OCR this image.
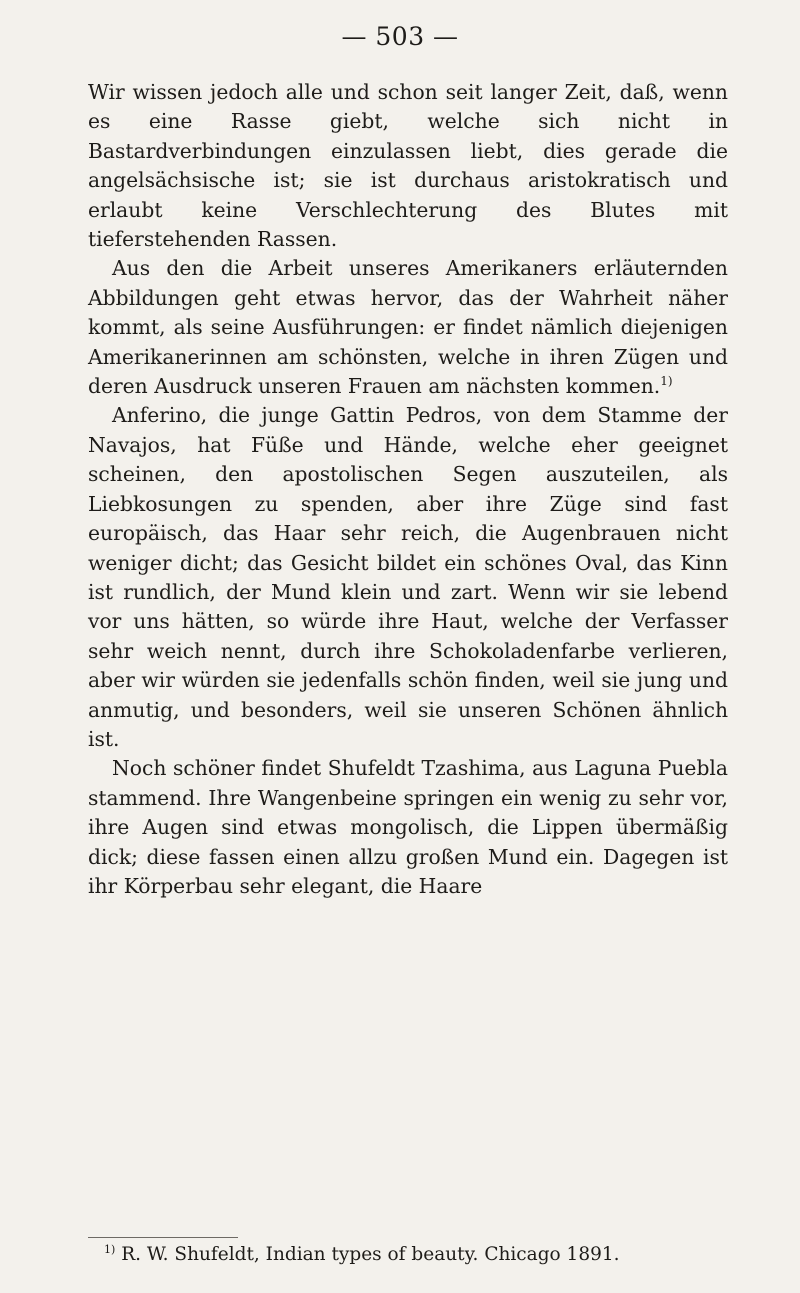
— 503 —

Wir wissen jedoch alle und schon seit langer Zeit, daß, wenn es eine Rasse giebt, welche sich nicht in Bastardverbindungen einzulassen liebt, dies gerade die angelsächsische ist; sie ist durchaus aristokratisch und erlaubt keine Verschlechterung des Blutes mit tieferstehenden Rassen.

Aus den die Arbeit unseres Amerikaners erläuternden Abbildungen geht etwas hervor, das der Wahrheit näher kommt, als seine Ausführungen: er findet nämlich diejenigen Amerikanerinnen am schönsten, welche in ihren Zügen und deren Ausdruck unseren Frauen am nächsten kommen.$^{1)}$

Anferino, die junge Gattin Pedros, von dem Stamme der Navajos, hat Füße und Hände, welche eher geeignet scheinen, den apostolischen Segen auszuteilen, als Liebkosungen zu spenden, aber ihre Züge sind fast europäisch, das Haar sehr reich, die Augenbrauen nicht weniger dicht; das Gesicht bildet ein schönes Oval, das Kinn ist rundlich, der Mund klein und zart. Wenn wir sie lebend vor uns hätten, so würde ihre Haut, welche der Verfasser sehr weich nennt, durch ihre Schokoladenfarbe verlieren, aber wir würden sie jedenfalls schön finden, weil sie jung und anmutig, und besonders, weil sie unseren Schönen ähnlich ist.

Noch schöner findet Shufeldt Tzashima, aus Laguna Puebla stammend. Ihre Wangenbeine springen ein wenig zu sehr vor, ihre Augen sind etwas mongolisch, die Lippen übermäßig dick; diese fassen einen allzu großen Mund ein. Dagegen ist ihr Körperbau sehr elegant, die Haare

$^{1)}$ R. W. Shufeldt, Indian types of beauty. Chicago 1891.
